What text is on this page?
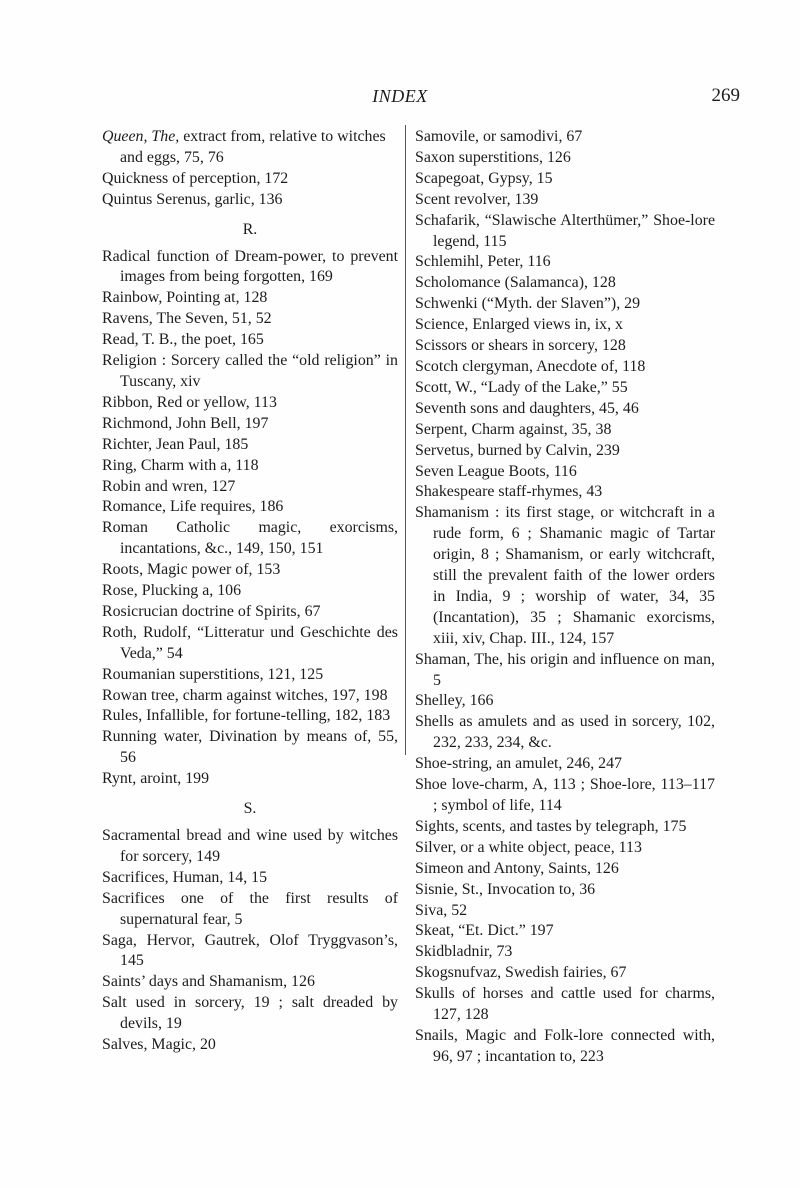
INDEX	269
Queen, The, extract from, relative to witches
and eggs, 75, 76
Quickness of perception, 172
Quintus Serenus, garlic, 136
R.
Radical function of Dream-power, to prevent images from being forgotten, 169
Rainbow, Pointing at, 128
Ravens, The Seven, 51, 52
Read, T. B., the poet, 165
Religion : Sorcery called the “old religion” in Tuscany, xiv
Ribbon, Red or yellow, 113
Richmond, John Bell, 197
Richter, Jean Paul, 185
Ring, Charm with a, 118
Robin and wren, 127
Romance, Life requires, 186
Roman Catholic magic, exorcisms, incantations, &c., 149, 150, 151
Roots, Magic power of, 153
Rose, Plucking a, 106
Rosicrucian doctrine of Spirits, 67
Roth, Rudolf, “Litteratur und Geschichte des Veda,” 54
Roumanian superstitions, 121, 125
Rowan tree, charm against witches, 197, 198
Rules, Infallible, for fortune-telling, 182, 183
Running water, Divination by means of, 55, 56
Rynt, aroint, 199
S.
Sacramental bread and wine used by witches for sorcery, 149
Sacrifices, Human, 14, 15
Sacrifices one of the first results of supernatural fear, 5
Saga, Hervor, Gautrek, Olof Tryggvason’s, 145
Saints’ days and Shamanism, 126
Salt used in sorcery, 19 ; salt dreaded by devils, 19
Salves, Magic, 20
Samovile, or samodivi, 67
Saxon superstitions, 126
Scapegoat, Gypsy, 15
Scent revolver, 139
Schafarik, “Slawische Alterthümer,” Shoe-lore legend, 115
Schlemihl, Peter, 116
Scholomance (Salamanca), 128
Schwenki (“Myth. der Slaven”), 29
Science, Enlarged views in, ix, x
Scissors or shears in sorcery, 128
Scotch clergyman, Anecdote of, 118
Scott, W., “Lady of the Lake,” 55
Seventh sons and daughters, 45, 46
Serpent, Charm against, 35, 38
Servetus, burned by Calvin, 239
Seven League Boots, 116
Shakespeare staff-rhymes, 43
Shamanism : its first stage, or witchcraft in a rude form, 6 ; Shamanic magic of Tartar origin, 8 ; Shamanism, or early witchcraft, still the prevalent faith of the lower orders in India, 9 ; worship of water, 34, 35 (Incantation), 35 ; Shamanic exorcisms, xiii, xiv, Chap. III., 124, 157
Shaman, The, his origin and influence on man, 5
Shelley, 166
Shells as amulets and as used in sorcery, 102, 232, 233, 234, &c.
Shoe-string, an amulet, 246, 247
Shoe love-charm, A, 113 ; Shoe-lore, 113–117 ; symbol of life, 114
Sights, scents, and tastes by telegraph, 175
Silver, or a white object, peace, 113
Simeon and Antony, Saints, 126
Sisnie, St., Invocation to, 36
Siva, 52
Skeat, “Et. Dict.” 197
Skidbladnir, 73
Skogsnufvaz, Swedish fairies, 67
Skulls of horses and cattle used for charms, 127, 128
Snails, Magic and Folk-lore connected with, 96, 97 ; incantation to, 223
